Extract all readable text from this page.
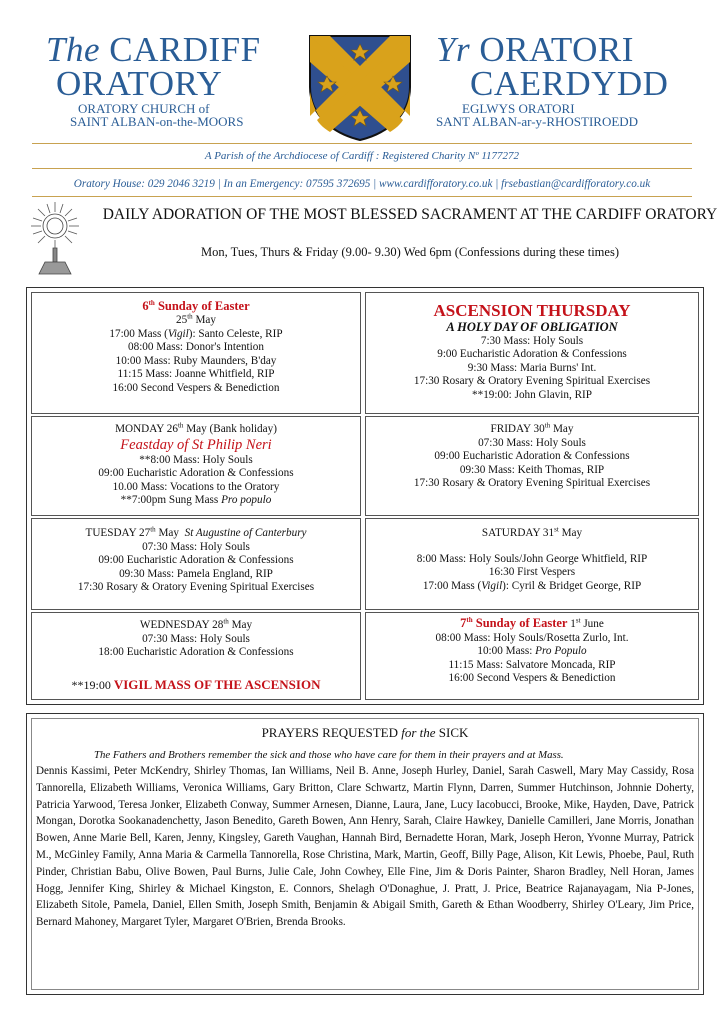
The CARDIFF
ORATORY
ORATORY CHURCH of
SAINT ALBAN-on-the-MOORS
Yr ORATORI
CAERDYDD
EGLWYS ORATORI
SANT ALBAN-ar-y-RHOSTIROEDD
A Parish of the Archdiocese of Cardiff : Registered Charity Nº 1177272
Oratory House: 029 2046 3219 | In an Emergency: 07595 372695 | www.cardifforatory.co.uk | frsebastian@cardifforatory.co.uk
DAILY ADORATION OF THE MOST BLESSED SACRAMENT AT THE CARDIFF ORATORY
Mon, Tues, Thurs & Friday (9.00- 9.30) Wed 6pm (Confessions during these times)
6th Sunday of Easter
25th May
17:00 Mass (Vigil): Santo Celeste, RIP
08:00 Mass: Donor's Intention
10:00 Mass: Ruby Maunders, B'day
11:15 Mass: Joanne Whitfield, RIP
16:00 Second Vespers & Benediction
ASCENSION THURSDAY
A HOLY DAY OF OBLIGATION
7:30 Mass: Holy Souls
9:00 Eucharistic Adoration & Confessions
9:30 Mass: Maria Burns' Int.
17:30 Rosary & Oratory Evening Spiritual Exercises
**19:00: John Glavin, RIP
MONDAY 26th May (Bank holiday)
Feastday of St Philip Neri
**8:00 Mass: Holy Souls
09:00 Eucharistic Adoration & Confessions
10.00 Mass: Vocations to the Oratory
**7:00pm Sung Mass Pro populo
FRIDAY 30th May
07:30 Mass: Holy Souls
09:00 Eucharistic Adoration & Confessions
09:30 Mass: Keith Thomas, RIP
17:30 Rosary & Oratory Evening Spiritual Exercises
TUESDAY 27th May  St Augustine of Canterbury
07:30 Mass: Holy Souls
09:00 Eucharistic Adoration & Confessions
09:30 Mass: Pamela England, RIP
17:30 Rosary & Oratory Evening Spiritual Exercises
SATURDAY 31st May
8:00 Mass: Holy Souls/John George Whitfield, RIP
16:30 First Vespers
17:00 Mass (Vigil): Cyril & Bridget George, RIP
WEDNESDAY 28th May
07:30 Mass: Holy Souls
18:00 Eucharistic Adoration & Confessions
**19:00 VIGIL MASS OF THE ASCENSION
7th Sunday of Easter 1st June
08:00 Mass: Holy Souls/Rosetta Zurlo, Int.
10:00 Mass: Pro Populo
11:15 Mass: Salvatore Moncada, RIP
16:00 Second Vespers & Benediction
PRAYERS REQUESTED for the SICK
The Fathers and Brothers remember the sick and those who have care for them in their prayers and at Mass.
Dennis Kassimi, Peter McKendry, Shirley Thomas, Ian Williams, Neil B. Anne, Joseph Hurley, Daniel, Sarah Caswell, Mary May Cassidy, Rosa Tannorella, Elizabeth Williams, Veronica Williams, Gary Britton, Clare Schwartz, Martin Flynn, Darren, Summer Hutchinson, Johnnie Doherty, Patricia Yarwood, Teresa Jonker, Elizabeth Conway, Summer Arnesen, Dianne, Laura, Jane, Lucy Iacobucci, Brooke, Mike, Hayden, Dave, Patrick Mongan, Dorotka Sookanadenchetty, Jason Benedito, Gareth Bowen, Ann Henry, Sarah, Claire Hawkey, Danielle Camilleri, Jane Morris, Jonathan Bowen, Anne Marie Bell, Karen, Jenny, Kingsley, Gareth Vaughan, Hannah Bird, Bernadette Horan, Mark, Joseph Heron, Yvonne Murray, Patrick M., McGinley Family, Anna Maria & Carmella Tannorella, Rose Christina, Mark, Martin, Geoff, Billy Page, Alison, Kit Lewis, Phoebe, Paul, Ruth Pinder, Christian Babu, Olive Bowen, Paul Burns, Julie Cale, John Cowhey, Elle Fine, Jim & Doris Painter, Sharon Bradley, Nell Horan, James Hogg, Jennifer King, Shirley & Michael Kingston, E. Connors, Shelagh O'Donaghue, J. Pratt, J. Price, Beatrice Rajanayagam, Nia P-Jones, Elizabeth Sitole, Pamela, Daniel, Ellen Smith, Joseph Smith, Benjamin & Abigail Smith, Gareth & Ethan Woodberry, Shirley O'Leary, Jim Price, Bernard Mahoney, Margaret Tyler, Margaret O'Brien, Brenda Brooks.
